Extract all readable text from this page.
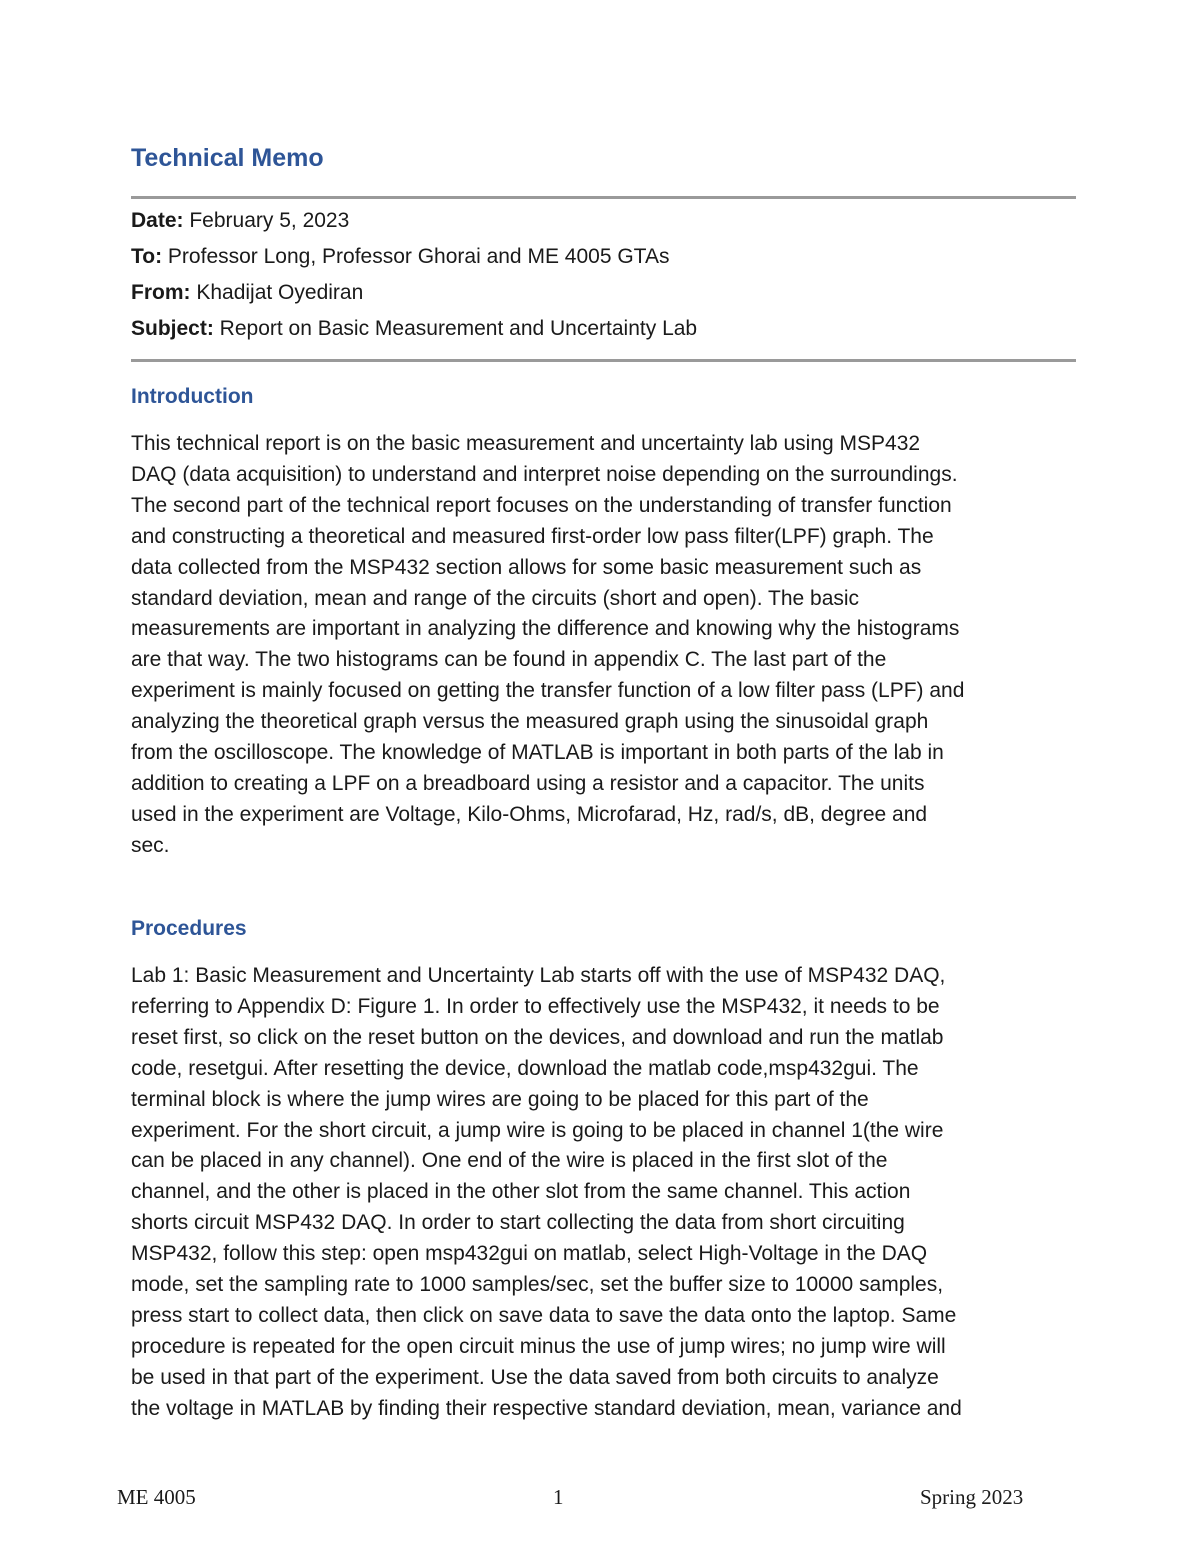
Technical Memo
Date: February 5, 2023
To: Professor Long, Professor Ghorai and ME 4005 GTAs
From: Khadijat Oyediran
Subject: Report on Basic Measurement and Uncertainty Lab
Introduction
This technical report is on the basic measurement and uncertainty lab using MSP432
DAQ (data acquisition) to understand and interpret noise depending on the surroundings.
The second part of the technical report focuses on the understanding of transfer function
and constructing a theoretical and measured first-order low pass filter(LPF) graph. The
data collected from the MSP432 section allows for some basic measurement such as
standard deviation, mean and range of the circuits (short and open). The basic
measurements are important in analyzing the difference and knowing why the histograms
are that way. The two histograms can be found in appendix C. The last part of the
experiment is mainly focused on getting the transfer function of a low filter pass (LPF) and
analyzing the theoretical graph versus the measured graph using the sinusoidal graph
from the oscilloscope. The knowledge of MATLAB is important in both parts of the lab in
addition to creating a LPF on a breadboard using a resistor and a capacitor. The units
used in the experiment are Voltage, Kilo-Ohms, Microfarad, Hz, rad/s, dB, degree and
sec.
Procedures
Lab 1: Basic Measurement and Uncertainty Lab starts off with the use of MSP432 DAQ,
referring to Appendix D: Figure 1. In order to effectively use the MSP432, it needs to be
reset first, so click on the reset button on the devices, and download and run the matlab
code, resetgui. After resetting the device, download the matlab code,msp432gui. The
terminal block is where the jump wires are going to be placed for this part of the
experiment. For the short circuit, a jump wire is going to be placed in channel 1(the wire
can be placed in any channel). One end of the wire is placed in the first slot of the
channel, and the other is placed in the other slot from the same channel. This action
shorts circuit MSP432 DAQ. In order to start collecting the data from short circuiting
MSP432, follow this step: open msp432gui on matlab, select High-Voltage in the DAQ
mode, set the sampling rate to 1000 samples/sec, set the buffer size to 10000 samples,
press start to collect data, then click on save data to save the data onto the laptop. Same
procedure is repeated for the open circuit minus the use of jump wires; no jump wire will
be used in that part of the experiment. Use the data saved from both circuits to analyze
the voltage in MATLAB by finding their respective standard deviation, mean, variance and
ME 4005	1	Spring 2023
